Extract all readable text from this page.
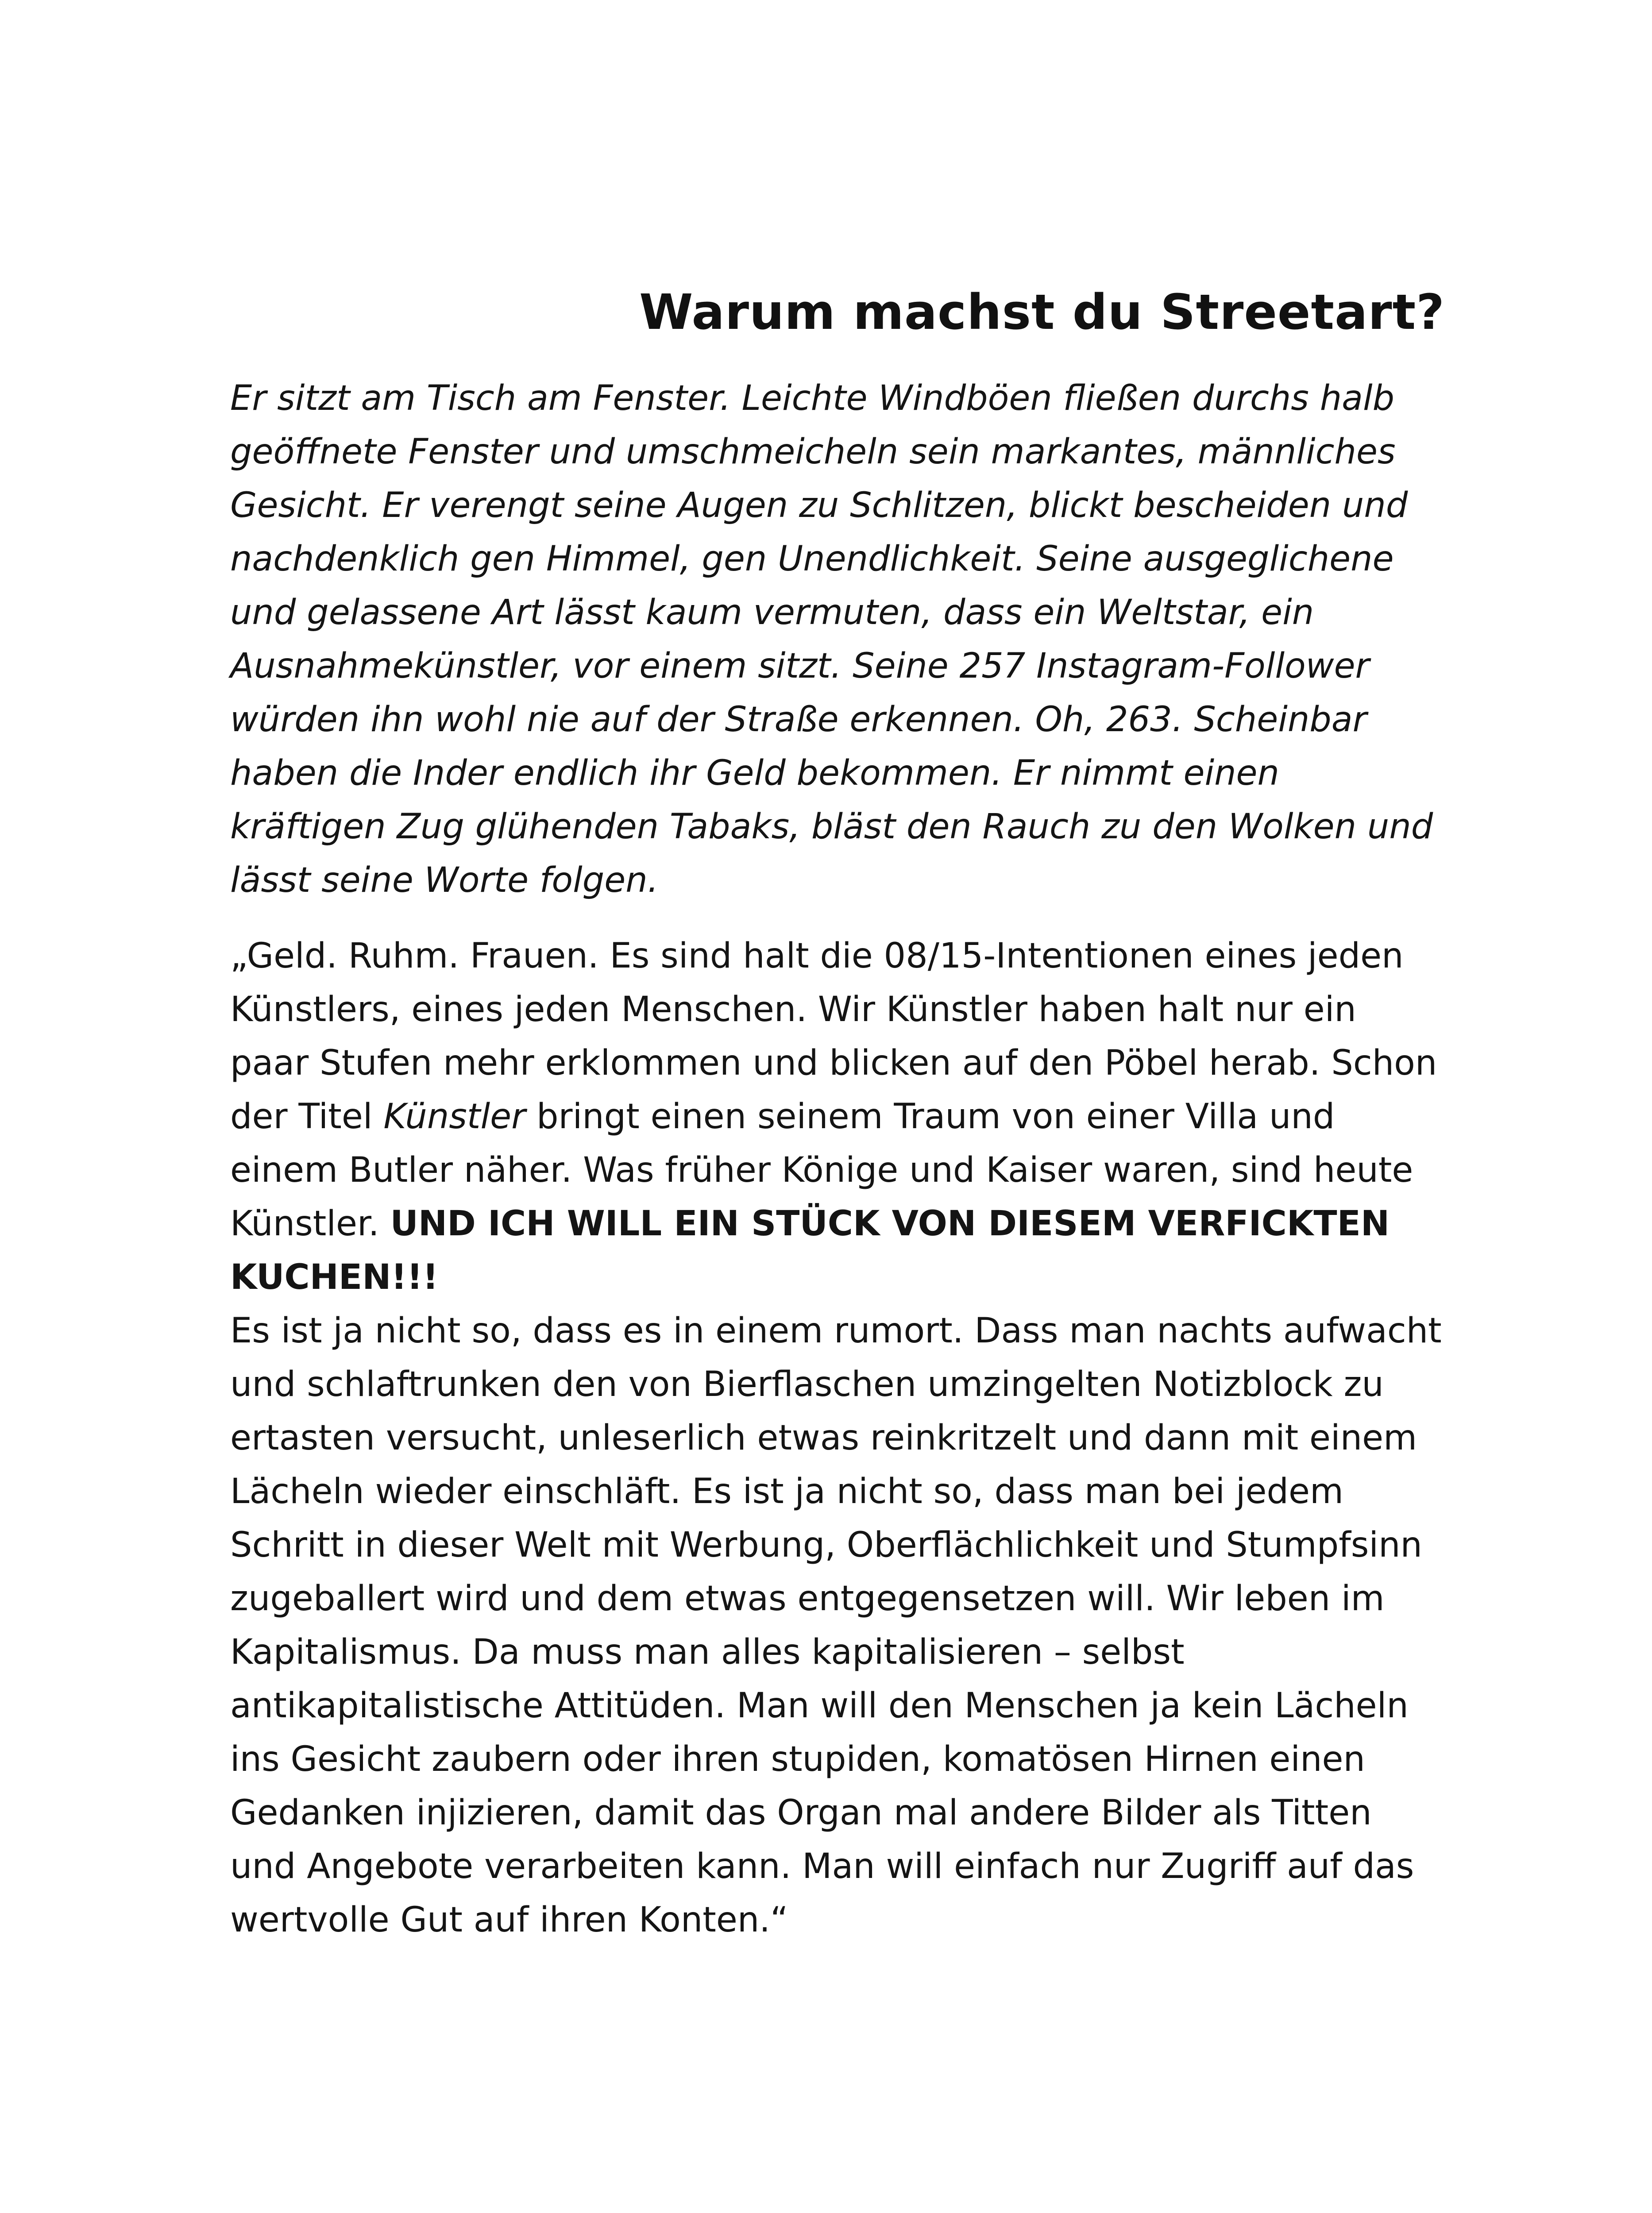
Warum machst du Streetart?

Er sitzt am Tisch am Fenster. Leichte Windböen fließen durchs halb geöffnete Fenster und umschmeicheln sein markantes, männliches Gesicht. Er verengt seine Augen zu Schlitzen, blickt bescheiden und nachdenklich gen Himmel, gen Unendlichkeit. Seine ausgeglichene und gelassene Art lässt kaum vermuten, dass ein Weltstar, ein Ausnahmekünstler, vor einem sitzt. Seine 257 Instagram-Follower würden ihn wohl nie auf der Straße erkennen. Oh, 263. Scheinbar haben die Inder endlich ihr Geld bekommen. Er nimmt einen kräftigen Zug glühenden Tabaks, bläst den Rauch zu den Wolken und lässt seine Worte folgen.

„Geld. Ruhm. Frauen. Es sind halt die 08/15-Intentionen eines jeden Künstlers, eines jeden Menschen. Wir Künstler haben halt nur ein paar Stufen mehr erklommen und blicken auf den Pöbel herab. Schon der Titel Künstler bringt einen seinem Traum von einer Villa und einem Butler näher. Was früher Könige und Kaiser waren, sind heute Künstler. UND ICH WILL EIN STÜCK VON DIESEM VERFICKTEN KUCHEN!!!

Es ist ja nicht so, dass es in einem rumort. Dass man nachts aufwacht und schlaftrunken den von Bierflaschen umzingelten Notizblock zu ertasten versucht, unleserlich etwas reinkritzelt und dann mit einem Lächeln wieder einschläft. Es ist ja nicht so, dass man bei jedem Schritt in dieser Welt mit Werbung, Oberflächlichkeit und Stumpfsinn zugeballert wird und dem etwas entgegensetzen will. Wir leben im Kapitalismus. Da muss man alles kapitalisieren – selbst antikapitalistische Attitüden. Man will den Menschen ja kein Lächeln ins Gesicht zaubern oder ihren stupiden, komatösen Hirnen einen Gedanken injizieren, damit das Organ mal andere Bilder als Titten und Angebote verarbeiten kann. Man will einfach nur Zugriff auf das wertvolle Gut auf ihren Konten.“
